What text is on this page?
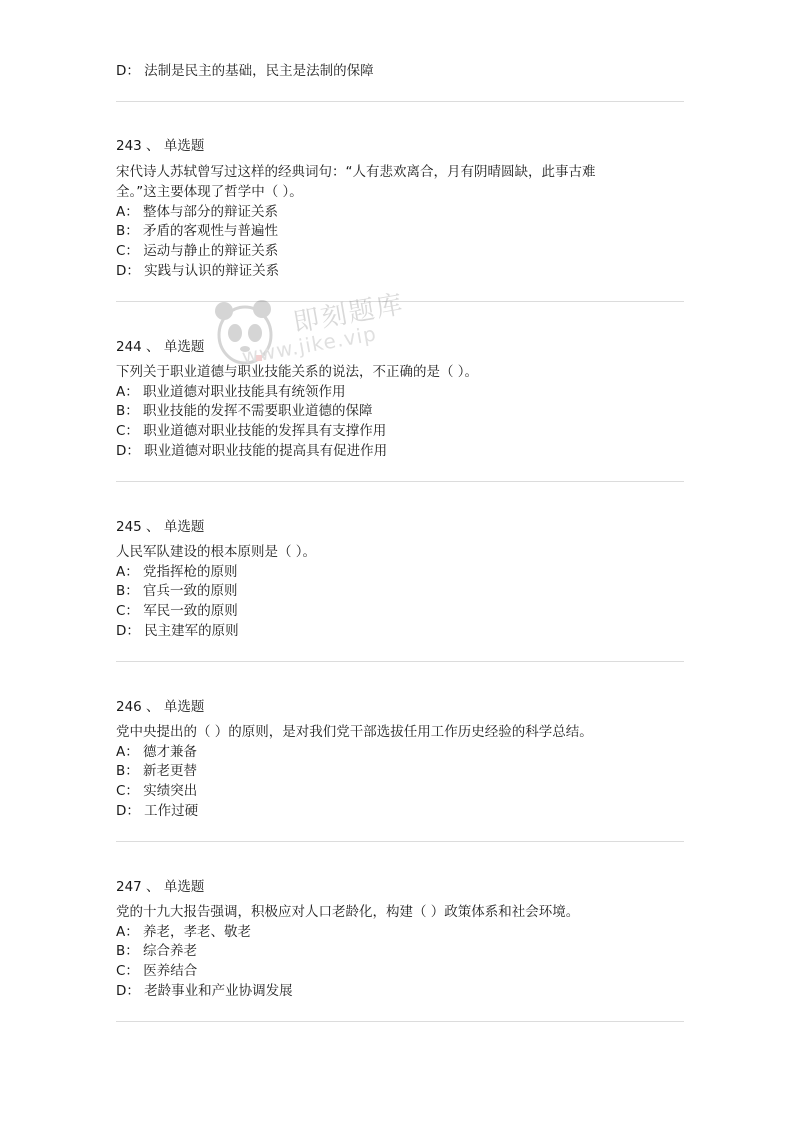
D： 法制是民主的基础，民主是法制的保障
243 、 单选题
宋代诗人苏轼曾写过这样的经典词句：“人有悲欢离合，月有阴晴圆缺，此事古难
全。”这主要体现了哲学中（ ）。
A： 整体与部分的辩证关系
B： 矛盾的客观性与普遍性
C： 运动与静止的辩证关系
D： 实践与认识的辩证关系
244 、 单选题
下列关于职业道德与职业技能关系的说法，不正确的是（ ）。
A： 职业道德对职业技能具有统领作用
B： 职业技能的发挥不需要职业道德的保障
C： 职业道德对职业技能的发挥具有支撑作用
D： 职业道德对职业技能的提高具有促进作用
245 、 单选题
人民军队建设的根本原则是（ ）。
A： 党指挥枪的原则
B： 官兵一致的原则
C： 军民一致的原则
D： 民主建军的原则
246 、 单选题
党中央提出的（ ）的原则，是对我们党干部选拔任用工作历史经验的科学总结。
A： 德才兼备
B： 新老更替
C： 实绩突出
D： 工作过硬
247 、 单选题
党的十九大报告强调，积极应对人口老龄化，构建（ ）政策体系和社会环境。
A： 养老，孝老、敬老
B： 综合养老
C： 医养结合
D： 老龄事业和产业协调发展
即刻题库
www.jike.vip
